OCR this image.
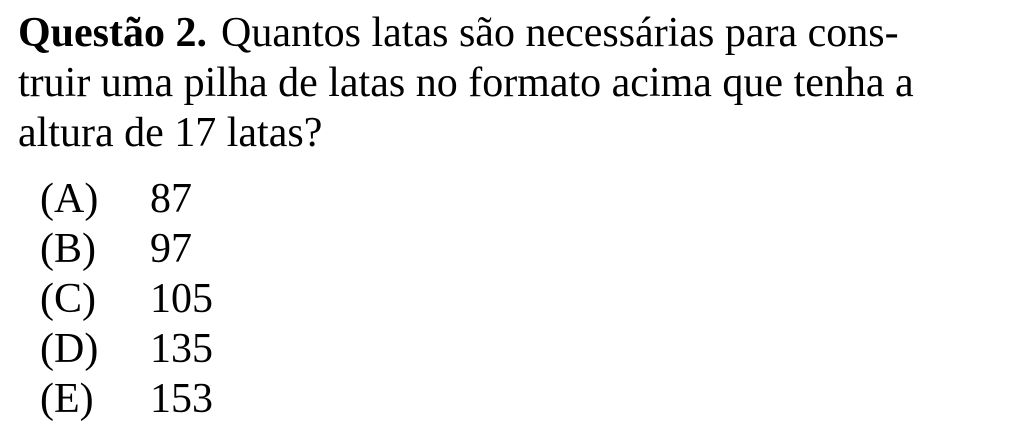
Questão 2. Quantos latas são necessárias para cons-
truir uma pilha de latas no formato acima que tenha a
altura de 17 latas?
(A)	87
(B)	97
(C)	105
(D)	135
(E)	153
